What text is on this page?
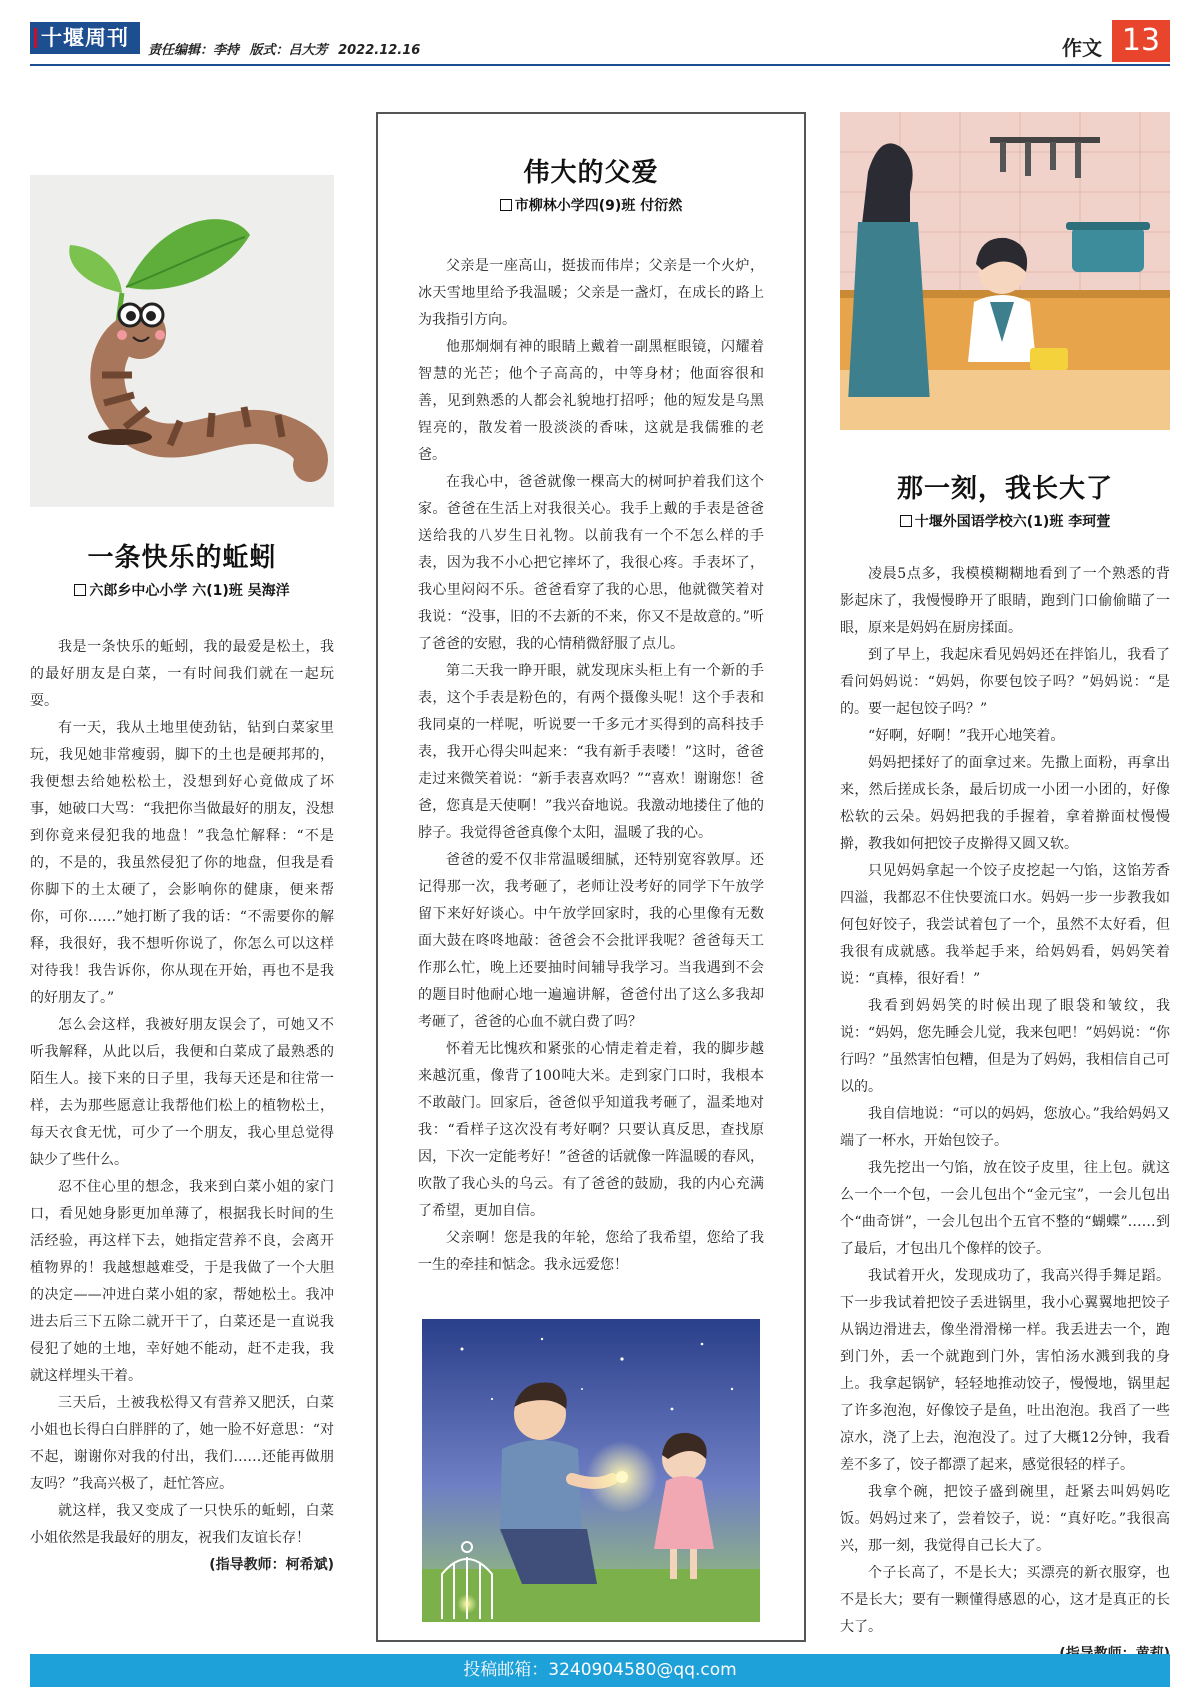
十堰周刊
责任编辑：李持 版式：吕大芳 2022.12.16	作文 13
一条快乐的蚯蚓
六郎乡中心小学 六(1)班 吴海洋

我是一条快乐的蚯蚓，我的最爱是松土，我的最好朋友是白菜，一有时间我们就在一起玩耍。

有一天，我从土地里使劲钻，钻到白菜家里玩，我见她非常瘦弱，脚下的土也是硬邦邦的，我便想去给她松松土，没想到好心竟做成了坏事，她破口大骂：“我把你当做最好的朋友，没想到你竟来侵犯我的地盘！”我急忙解释：“不是的，不是的，我虽然侵犯了你的地盘，但我是看你脚下的土太硬了，会影响你的健康，便来帮你，可你……”她打断了我的话：“不需要你的解释，我很好，我不想听你说了，你怎么可以这样对待我！我告诉你，你从现在开始，再也不是我的好朋友了。”

怎么会这样，我被好朋友误会了，可她又不听我解释，从此以后，我便和白菜成了最熟悉的陌生人。接下来的日子里，我每天还是和往常一样，去为那些愿意让我帮他们松上的植物松土，每天衣食无忧，可少了一个朋友，我心里总觉得缺少了些什么。

忍不住心里的想念，我来到白菜小姐的家门口，看见她身影更加单薄了，根据我长时间的生活经验，再这样下去，她指定营养不良，会离开植物界的！我越想越难受，于是我做了一个大胆的决定——冲进白菜小姐的家，帮她松土。我冲进去后三下五除二就开干了，白菜还是一直说我侵犯了她的土地，幸好她不能动，赶不走我，我就这样埋头干着。

三天后，土被我松得又有营养又肥沃，白菜小姐也长得白白胖胖的了，她一脸不好意思：“对不起，谢谢你对我的付出，我们……还能再做朋友吗？”我高兴极了，赶忙答应。

就这样，我又变成了一只快乐的蚯蚓，白菜小姐依然是我最好的朋友，祝我们友谊长存！

(指导教师：柯希斌)
伟大的父爱
市柳林小学四(9)班 付衍然

父亲是一座高山，挺拔而伟岸；父亲是一个火炉，冰天雪地里给予我温暖；父亲是一盏灯，在成长的路上为我指引方向。

他那炯炯有神的眼睛上戴着一副黑框眼镜，闪耀着智慧的光芒；他个子高高的，中等身材；他面容很和善，见到熟悉的人都会礼貌地打招呼；他的短发是乌黑锃亮的，散发着一股淡淡的香味，这就是我儒雅的老爸。

在我心中，爸爸就像一棵高大的树呵护着我们这个家。爸爸在生活上对我很关心。我手上戴的手表是爸爸送给我的八岁生日礼物。以前我有一个不怎么样的手表，因为我不小心把它摔坏了，我很心疼。手表坏了，我心里闷闷不乐。爸爸看穿了我的心思，他就微笑着对我说：“没事，旧的不去新的不来，你又不是故意的。”听了爸爸的安慰，我的心情稍微舒服了点儿。

第二天我一睁开眼，就发现床头柜上有一个新的手表，这个手表是粉色的，有两个摄像头呢！这个手表和我同桌的一样呢，听说要一千多元才买得到的高科技手表，我开心得尖叫起来：“我有新手表喽！”这时，爸爸走过来微笑着说：“新手表喜欢吗？”“喜欢！谢谢您！爸爸，您真是天使啊！”我兴奋地说。我激动地搂住了他的脖子。我觉得爸爸真像个太阳，温暖了我的心。

爸爸的爱不仅非常温暖细腻，还特别宽容敦厚。还记得那一次，我考砸了，老师让没考好的同学下午放学留下来好好谈心。中午放学回家时，我的心里像有无数面大鼓在咚咚地敲：爸爸会不会批评我呢？爸爸每天工作那么忙，晚上还要抽时间辅导我学习。当我遇到不会的题目时他耐心地一遍遍讲解，爸爸付出了这么多我却考砸了，爸爸的心血不就白费了吗？

怀着无比愧疚和紧张的心情走着走着，我的脚步越来越沉重，像背了100吨大米。走到家门口时，我根本不敢敲门。回家后，爸爸似乎知道我考砸了，温柔地对我：“看样子这次没有考好啊？只要认真反思，查找原因，下次一定能考好！”爸爸的话就像一阵温暖的春风，吹散了我心头的乌云。有了爸爸的鼓励，我的内心充满了希望，更加自信。

父亲啊！您是我的年轮，您给了我希望，您给了我一生的牵挂和惦念。我永远爱您！

那一刻，我长大了
十堰外国语学校六(1)班 李珂萱

凌晨5点多，我模模糊糊地看到了一个熟悉的背影起床了，我慢慢睁开了眼睛，跑到门口偷偷瞄了一眼，原来是妈妈在厨房揉面。

到了早上，我起床看见妈妈还在拌馅儿，我看了看问妈妈说：“妈妈，你要包饺子吗？”妈妈说：“是的。要一起包饺子吗？”

“好啊，好啊！”我开心地笑着。

妈妈把揉好了的面拿过来。先撒上面粉，再拿出来，然后搓成长条，最后切成一小团一小团的，好像松软的云朵。妈妈把我的手握着，拿着擀面杖慢慢擀，教我如何把饺子皮擀得又圆又软。

只见妈妈拿起一个饺子皮挖起一勺馅，这馅芳香四溢，我都忍不住快要流口水。妈妈一步一步教我如何包好饺子，我尝试着包了一个，虽然不太好看，但我很有成就感。我举起手来，给妈妈看，妈妈笑着说：“真棒，很好看！”

我看到妈妈笑的时候出现了眼袋和皱纹，我说：“妈妈，您先睡会儿觉，我来包吧！”妈妈说：“你行吗？”虽然害怕包糟，但是为了妈妈，我相信自己可以的。

我自信地说：“可以的妈妈，您放心。”我给妈妈又端了一杯水，开始包饺子。

我先挖出一勺馅，放在饺子皮里，往上包。就这么一个一个包，一会儿包出个“金元宝”，一会儿包出个“曲奇饼”，一会儿包出个五官不整的“蝴蝶”……到了最后，才包出几个像样的饺子。

我试着开火，发现成功了，我高兴得手舞足蹈。下一步我试着把饺子丢进锅里，我小心翼翼地把饺子从锅边滑进去，像坐滑滑梯一样。我丢进去一个，跑到门外，丢一个就跑到门外，害怕汤水溅到我的身上。我拿起锅铲，轻轻地推动饺子，慢慢地，锅里起了许多泡泡，好像饺子是鱼，吐出泡泡。我舀了一些凉水，浇了上去，泡泡没了。过了大概12分钟，我看差不多了，饺子都漂了起来，感觉很轻的样子。

我拿个碗，把饺子盛到碗里，赶紧去叫妈妈吃饭。妈妈过来了，尝着饺子，说：“真好吃。”我很高兴，那一刻，我觉得自己长大了。

个子长高了，不是长大；买漂亮的新衣服穿，也不是长大；要有一颗懂得感恩的心，这才是真正的长大了。

投稿邮箱：3240904580@qq.com
